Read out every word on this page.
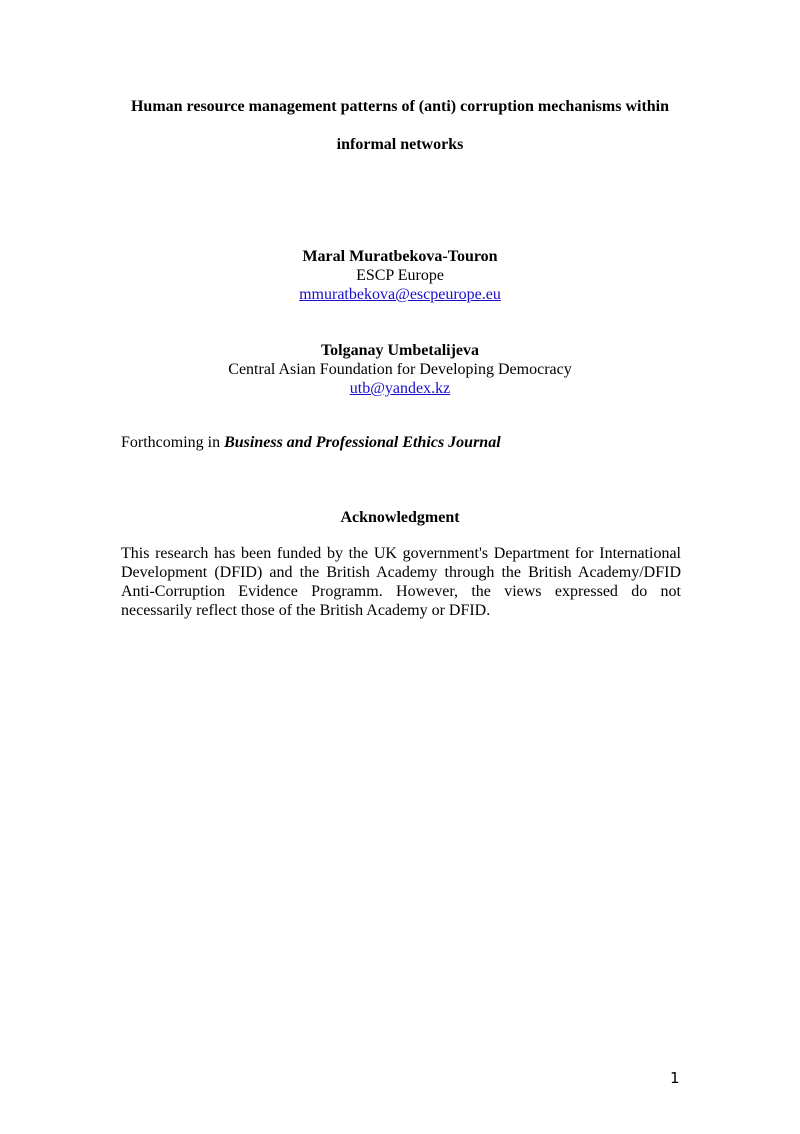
Human resource management patterns of (anti) corruption mechanisms within
informal networks
Maral Muratbekova-Touron
ESCP Europe
mmuratbekova@escpeurope.eu
Tolganay Umbetalijeva
Central Asian Foundation for Developing Democracy
utb@yandex.kz
Forthcoming in Business and Professional Ethics Journal
Acknowledgment
This research has been funded by the UK government's Department for International
Development (DFID) and the British Academy through the British Academy/DFID
Anti-Corruption Evidence Programm. However, the views expressed do not
necessarily reflect those of the British Academy or DFID.
1
